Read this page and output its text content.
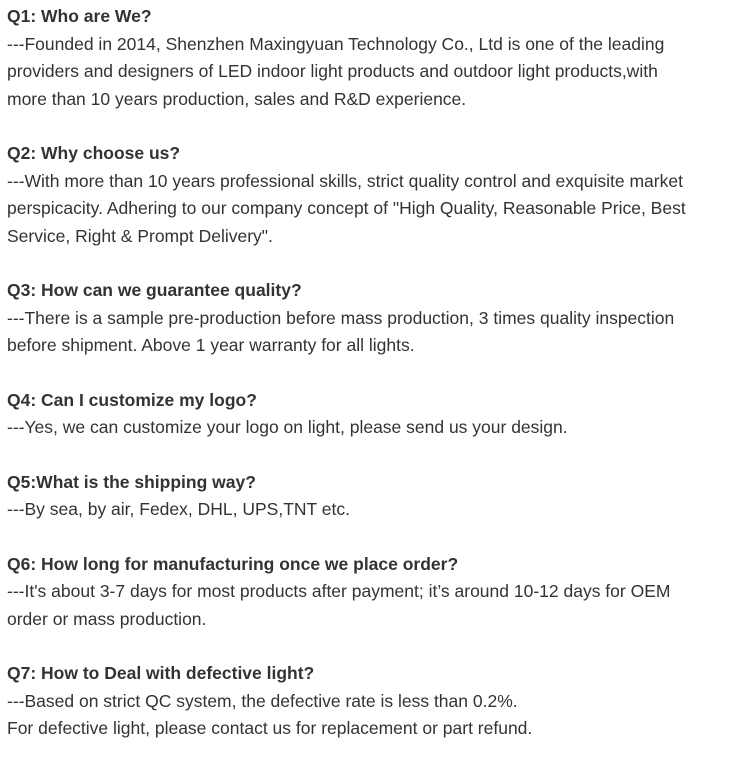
Q1: Who are We?

---Founded in 2014, Shenzhen Maxingyuan Technology Co., Ltd is one of the leading

providers and designers of LED indoor light products and outdoor light products,with

more than 10 years production, sales and R&D experience.

Q2: Why choose us?

---With more than 10 years professional skills, strict quality control and exquisite market

perspicacity. Adhering to our company concept of "High Quality, Reasonable Price, Best

Service, Right & Prompt Delivery".

Q3: How can we guarantee quality?

---There is a sample pre-production before mass production, 3 times quality inspection

before shipment. Above 1 year warranty for all lights.

Q4: Can I customize my logo?

---Yes, we can customize your logo on light, please send us your design.

Q5:What is the shipping way?

---By sea, by air, Fedex, DHL, UPS,TNT etc.

Q6: How long for manufacturing once we place order?

---It's about 3-7 days for most products after payment; it’s around 10-12 days for OEM

order or mass production.

Q7: How to Deal with defective light?

---Based on strict QC system, the defective rate is less than 0.2%.

For defective light, please contact us for replacement or part refund.
